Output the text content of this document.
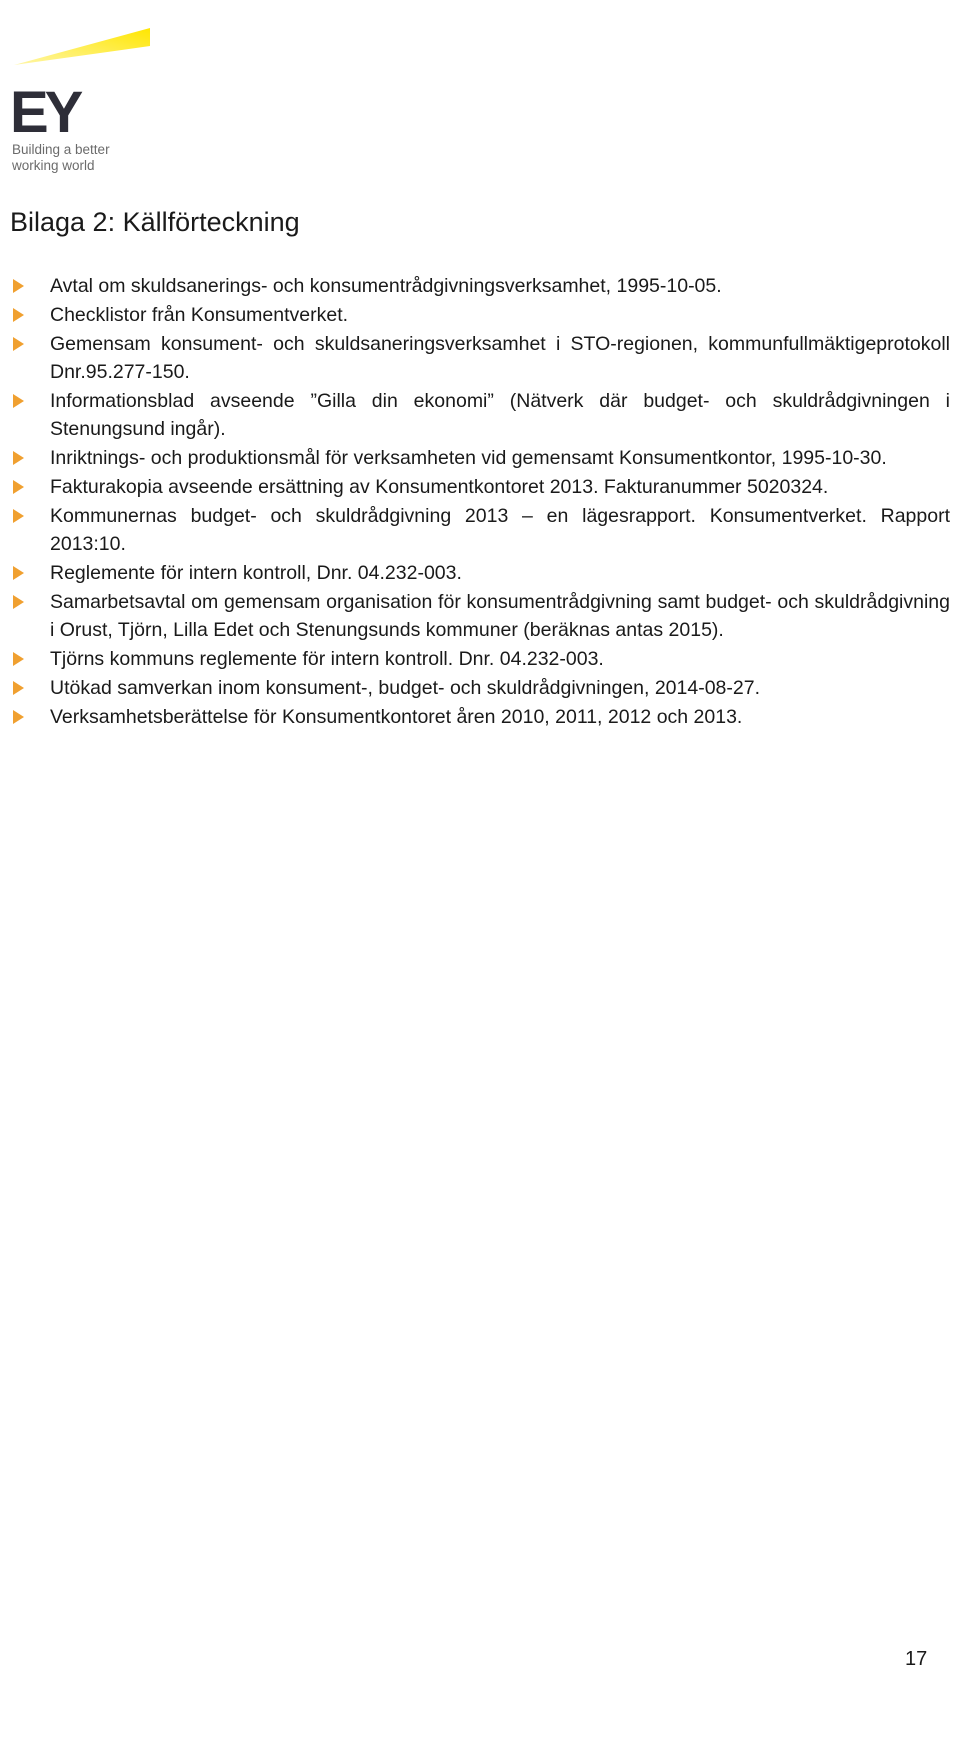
EY
Building a better
working world
Bilaga 2: Källförteckning
Avtal om skuldsanerings- och konsumentrådgivningsverksamhet, 1995-10-05.
Checklistor från Konsumentverket.
Gemensam konsument- och skuldsaneringsverksamhet i STO-regionen, kommunfullmäktigeprotokoll Dnr.95.277-150.
Informationsblad avseende ”Gilla din ekonomi” (Nätverk där budget- och skuldrådgivningen i Stenungsund ingår).
Inriktnings- och produktionsmål för verksamheten vid gemensamt Konsumentkontor, 1995-10-30.
Fakturakopia avseende ersättning av Konsumentkontoret 2013. Fakturanummer 5020324.
Kommunernas budget- och skuldrådgivning 2013 – en lägesrapport. Konsumentverket. Rapport 2013:10.
Reglemente för intern kontroll, Dnr. 04.232-003.
Samarbetsavtal om gemensam organisation för konsumentrådgivning samt budget- och skuldrådgivning i Orust, Tjörn, Lilla Edet och Stenungsunds kommuner (beräknas antas 2015).
Tjörns kommuns reglemente för intern kontroll. Dnr. 04.232-003.
Utökad samverkan inom konsument-, budget- och skuldrådgivningen, 2014-08-27.
Verksamhetsberättelse för Konsumentkontoret åren 2010, 2011, 2012 och 2013.
17
